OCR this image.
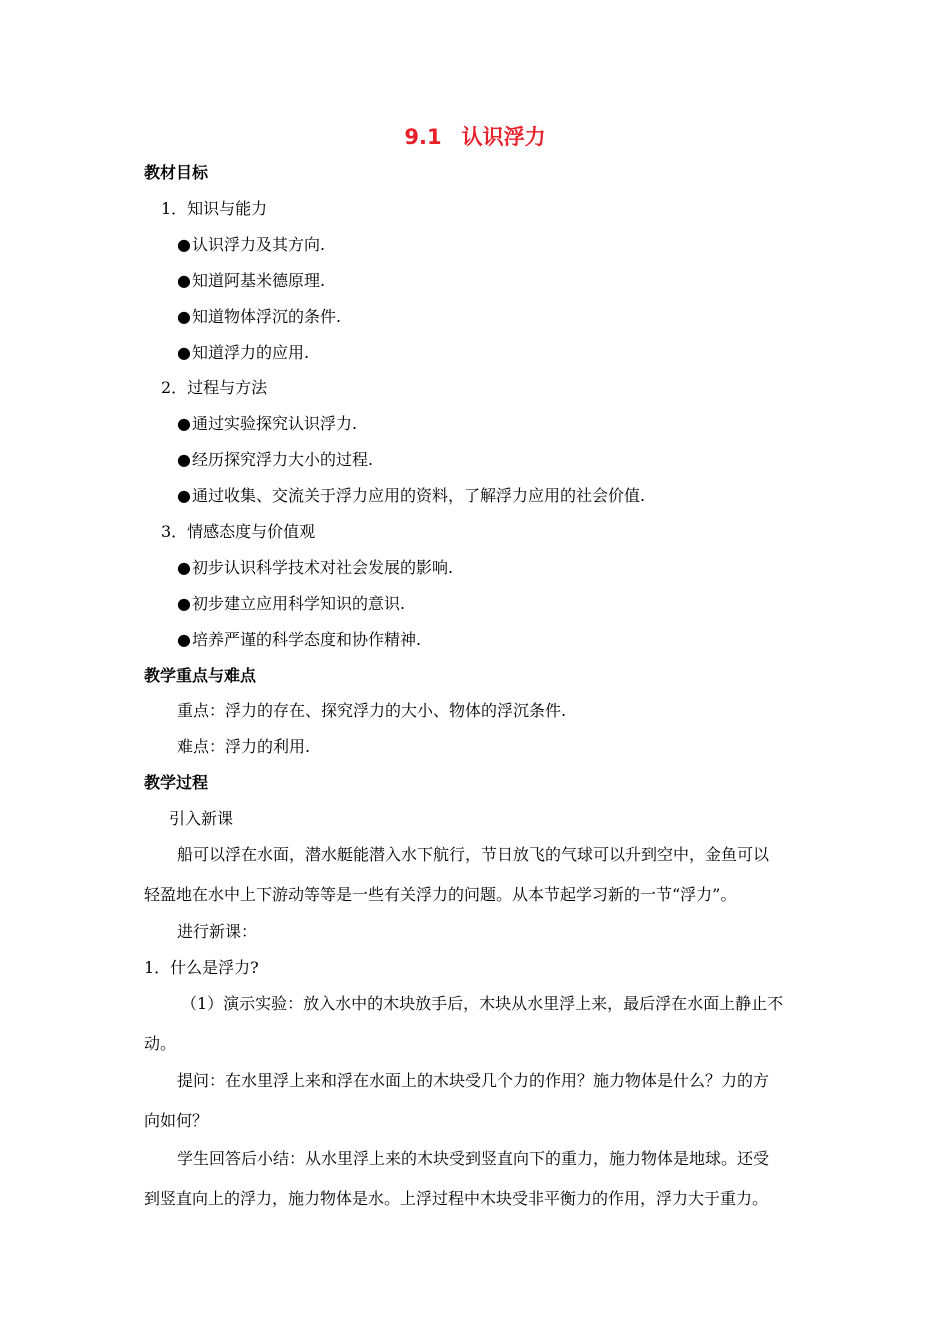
9.1 认识浮力
教材目标
1．知识与能力
●认识浮力及其方向.
●知道阿基米德原理.
●知道物体浮沉的条件.
●知道浮力的应用.
2．过程与方法
●通过实验探究认识浮力.
●经历探究浮力大小的过程.
●通过收集、交流关于浮力应用的资料，了解浮力应用的社会价值.
3．情感态度与价值观
●初步认识科学技术对社会发展的影响.
●初步建立应用科学知识的意识.
●培养严谨的科学态度和协作精神.
教学重点与难点
重点：浮力的存在、探究浮力的大小、物体的浮沉条件.
难点：浮力的利用.
教学过程
引入新课
船可以浮在水面，潜水艇能潜入水下航行，节日放飞的气球可以升到空中，金鱼可以
轻盈地在水中上下游动等等是一些有关浮力的问题。从本节起学习新的一节“浮力”。
进行新课：
1．什么是浮力?
（1）演示实验：放入水中的木块放手后，木块从水里浮上来，最后浮在水面上静止不
动。
提问：在水里浮上来和浮在水面上的木块受几个力的作用？施力物体是什么？力的方
向如何？
学生回答后小结：从水里浮上来的木块受到竖直向下的重力，施力物体是地球。还受
到竖直向上的浮力，施力物体是水。上浮过程中木块受非平衡力的作用，浮力大于重力。
